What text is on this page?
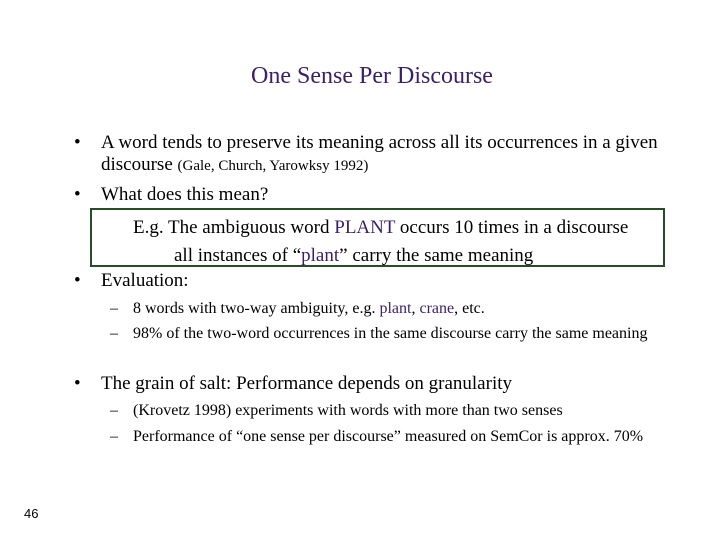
One Sense Per Discourse
• A word tends to preserve its meaning across all its occurrences in a given discourse (Gale, Church, Yarowksy 1992)
• What does this mean?
E.g. The ambiguous word PLANT occurs 10 times in a discourse
all instances of “plant” carry the same meaning
• Evaluation:
– 8 words with two-way ambiguity, e.g. plant, crane, etc.
– 98% of the two-word occurrences in the same discourse carry the same meaning
• The grain of salt: Performance depends on granularity
– (Krovetz 1998) experiments with words with more than two senses
– Performance of “one sense per discourse” measured on SemCor is approx. 70%
46
